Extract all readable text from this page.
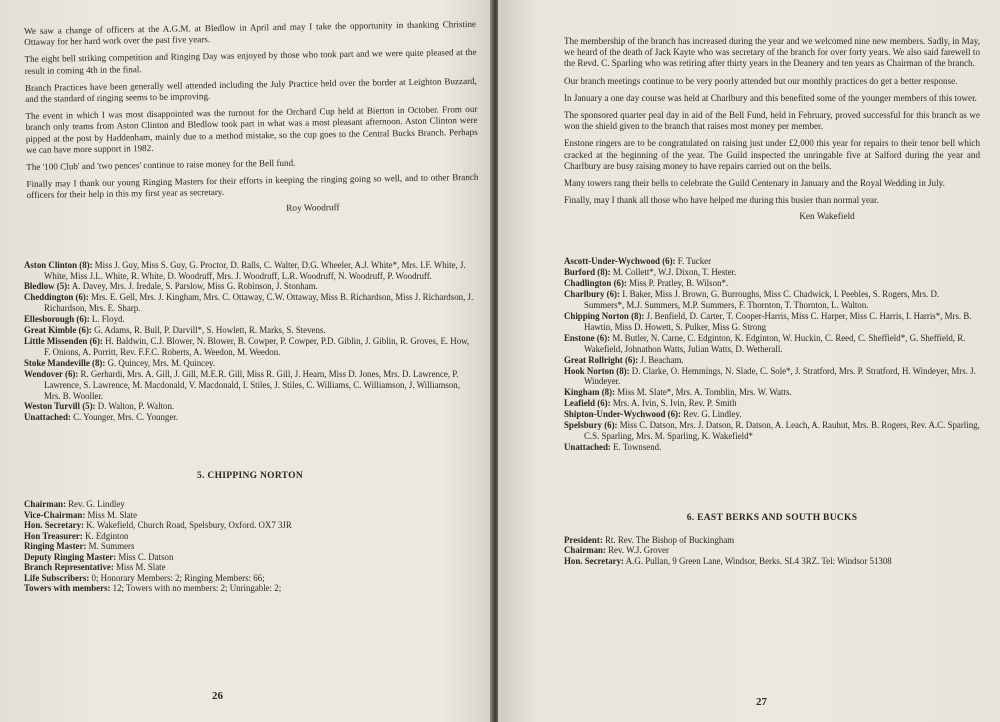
We saw a change of officers at the A.G.M. at Bledlow in April and may I take the opportunity in thanking Christine Ottaway for her hard work over the past five years.

The eight bell striking competition and Ringing Day was enjoyed by those who took part and we were quite pleased at the result in coming 4th in the final.

Branch Practices have been generally well attended including the July Practice held over the border at Leighton Buzzard, and the standard of ringing seems to be improving.

The event in which I was most disappointed was the turnout for the Orchard Cup held at Bierton in October. From our branch only teams from Aston Clinton and Bledlow took part in what was a most pleasant afternoon. Aston Clinton were pipped at the post by Haddenham, mainly due to a method mistake, so the cup goes to the Central Bucks Branch. Perhaps we can have more support in 1982.

The '100 Club' and 'two pences' continue to raise money for the Bell fund.

Finally may I thank our young Ringing Masters for their efforts in keeping the ringing going so well, and to other Branch officers for their help in this my first year as secretary.

Roy Woodruff
Aston Clinton (8): Miss J. Guy, Miss S. Guy, G. Proctor, D. Ralls, C. Walter, D.G. Wheeler, A.J. White*, Mrs. I.F. White, J. White, Miss J.L. White, R. White, D. Woodruff, Mrs. J. Woodruff, L.R. Woodruff, N. Woodruff, P. Woodruff.
Bledlow (5): A. Davey, Mrs. J. Iredale, S. Parslow, Miss G. Robinson, J. Stonham.
Cheddington (6): Mrs. E. Gell, Mrs. J. Kingham, Mrs. C. Ottaway, C.W. Ottaway, Miss B. Richardson, Miss J. Richardson, J. Richardson, Mrs. E. Sharp.
Ellesborough (6): L. Floyd.
Great Kimble (6): G. Adams, R. Bull, P. Darvill*, S. Howlett, R. Marks, S. Stevens.
Little Missenden (6): H. Baldwin, C.J. Blower, N. Blower, B. Cowper, P. Cowper, P.D. Giblin, J. Giblin, R. Groves, E. How, F. Onions, A. Porritt, Rev. F.F.C. Roberts, A. Weedon, M. Weedon.
Stoke Mandeville (8): G. Quincey, Mrs. M. Quincey.
Wendover (6): R. Gerhardi, Mrs. A. Gill, J. Gill, M.E.R. Gill, Miss R. Gill, J. Hearn, Miss D. Jones, Mrs. D. Lawrence, P. Lawrence, S. Lawrence, M. Macdonald, V. Macdonald, I. Stiles, J. Stiles, C. Williams, C. Williamson, J. Williamson, Mrs. B. Wooller.
Weston Turvill (5): D. Walton, P. Walton.
Unattached: C. Younger, Mrs. C. Younger.
5. CHIPPING NORTON
Chairman: Rev. G. Lindley
Vice-Chairman: Miss M. Slate
Hon. Secretary: K. Wakefield, Church Road, Spelsbury, Oxford. OX7 3JR
Hon Treasurer: K. Edginton
Ringing Master: M. Summers
Deputy Ringing Master: Miss C. Datson
Branch Representative: Miss M. Slate
Life Subscribers: 0; Honorary Members: 2; Ringing Members: 66;
Towers with members: 12; Towers with no members: 2; Unringable: 2;
26

The membership of the branch has increased during the year and we welcomed nine new members. Sadly, in May, we heard of the death of Jack Kayte who was secretary of the branch for over forty years. We also said farewell to the Revd. C. Sparling who was retiring after thirty years in the Deanery and ten years as Chairman of the branch.

Our branch meetings continue to be very poorly attended but our monthly practices do get a better response.

In January a one day course was held at Charlbury and this benefited some of the younger members of this tower.

The sponsored quarter peal day in aid of the Bell Fund, held in February, proved successful for this branch as we won the shield given to the branch that raises most money per member.

Enstone ringers are to be congratulated on raising just under £2,000 this year for repairs to their tenor bell which cracked at the beginning of the year. The Guild inspected the unringable five at Salford during the year and Charlbury are busy raising money to have repairs carried out on the bells.

Many towers rang their bells to celebrate the Guild Centenary in January and the Royal Wedding in July.

Finally, may I thank all those who have helped me during this busier than normal year.

Ken Wakefield
Ascott-Under-Wychwood (6): F. Tucker
Burford (8): M. Collett*, W.J. Dixon, T. Hester.
Chadlington (6): Miss P. Pratley, B. Wilson*.
Charlbury (6): I. Baker, Miss J. Brown, G. Burroughs, Miss C. Chadwick, I. Peebles, S. Rogers, Mrs. D. Summers*, M.J. Summers, M.P. Summers, F. Thornton, T. Thornton, L. Walton.
Chipping Norton (8): J. Benfield, D. Carter, T. Cooper-Harris, Miss C. Harper, Miss C. Harris, I. Harris*, Mrs. B. Hawtin, Miss D. Howett, S. Pulker, Miss G. Strong
Enstone (6): M. Butler, N. Carne, C. Edginton, K. Edginton, W. Huckin, C. Reed, C. Sheffield*, G. Sheffield, R. Wakefield, Johnathon Watts, Julian Watts, D. Wetherall.
Great Rollright (6): J. Beacham.
Hook Norton (8): D. Clarke, O. Hemmings, N. Slade, C. Sole*, J. Stratford, Mrs. P. Stratford, H. Windeyer, Mrs. J. Windeyer.
Kingham (8): Miss M. Slate*, Mrs. A. Tomblin, Mrs. W. Watts.
Leafield (6): Mrs. A. Ivin, S. Ivin, Rev. P. Smith
Shipton-Under-Wychwood (6): Rev. G. Lindley.
Spelsbury (6): Miss C. Datson, Mrs. J. Datson, R. Datson, A. Leach, A. Rauhut, Mrs. B. Rogers, Rev. A.C. Sparling, C.S. Sparling, Mrs. M. Sparling, K. Wakefield*
Unattached: E. Townsend.
6. EAST BERKS AND SOUTH BUCKS
President: Rt. Rev. The Bishop of Buckingham
Chairman: Rev. W.J. Grover
Hon. Secretary: A.G. Pullan, 9 Green Lane, Windsor, Berks. SL4 3RZ. Tel: Windsor 51308
27
